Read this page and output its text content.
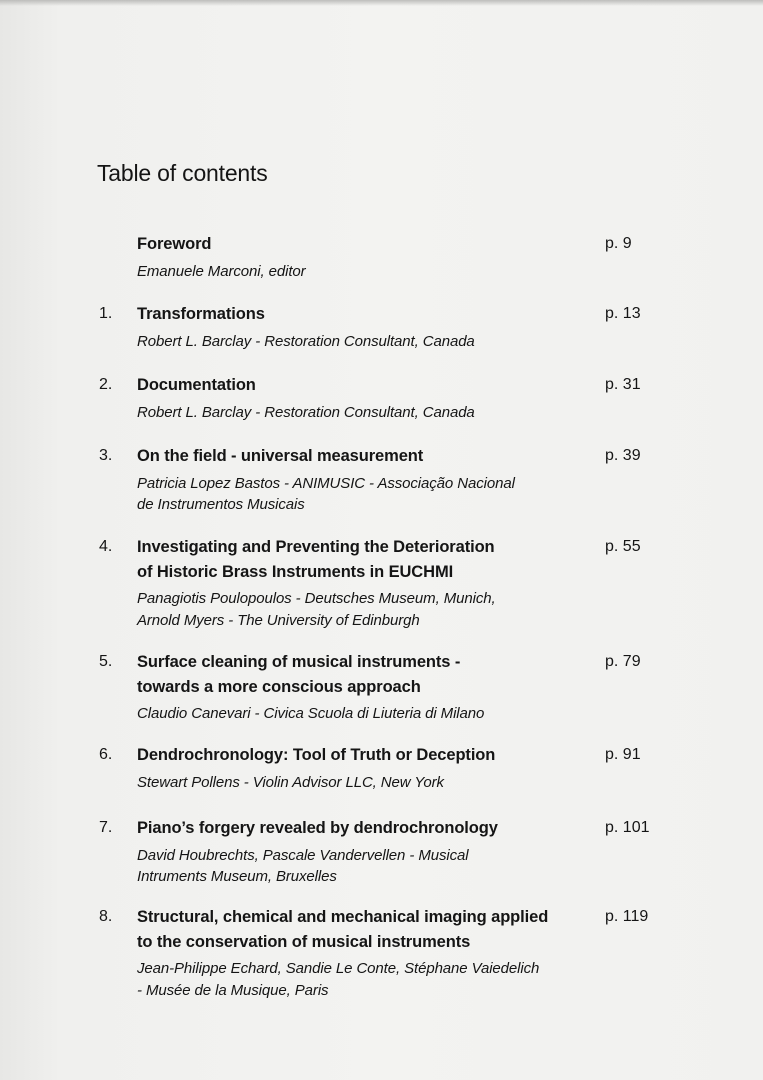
Table of contents
Foreword	p. 9
Emanuele Marconi, editor
1. Transformations	p. 13
Robert L. Barclay - Restoration Consultant, Canada
2. Documentation	p. 31
Robert L. Barclay - Restoration Consultant, Canada
3. On the field - universal measurement	p. 39
Patricia Lopez Bastos - ANIMUSIC - Associação Nacional
de Instrumentos Musicais
4. Investigating and Preventing the Deterioration
of Historic Brass Instruments in EUCHMI
p. 55
Panagiotis Poulopoulos - Deutsches Museum, Munich,
Arnold Myers - The University of Edinburgh
5. Surface cleaning of musical instruments -
towards a more conscious approach
p. 79
Claudio Canevari - Civica Scuola di Liuteria di Milano
6. Dendrochronology: Tool of Truth or Deception	p. 91
Stewart Pollens - Violin Advisor LLC, New York
7. Piano’s forgery revealed by dendrochronology	p. 101
David Houbrechts, Pascale Vandervellen - Musical
Intruments Museum, Bruxelles
8. Structural, chemical and mechanical imaging applied
to the conservation of musical instruments
p. 119
Jean-Philippe Echard, Sandie Le Conte, Stéphane Vaiedelich
- Musée de la Musique, Paris
